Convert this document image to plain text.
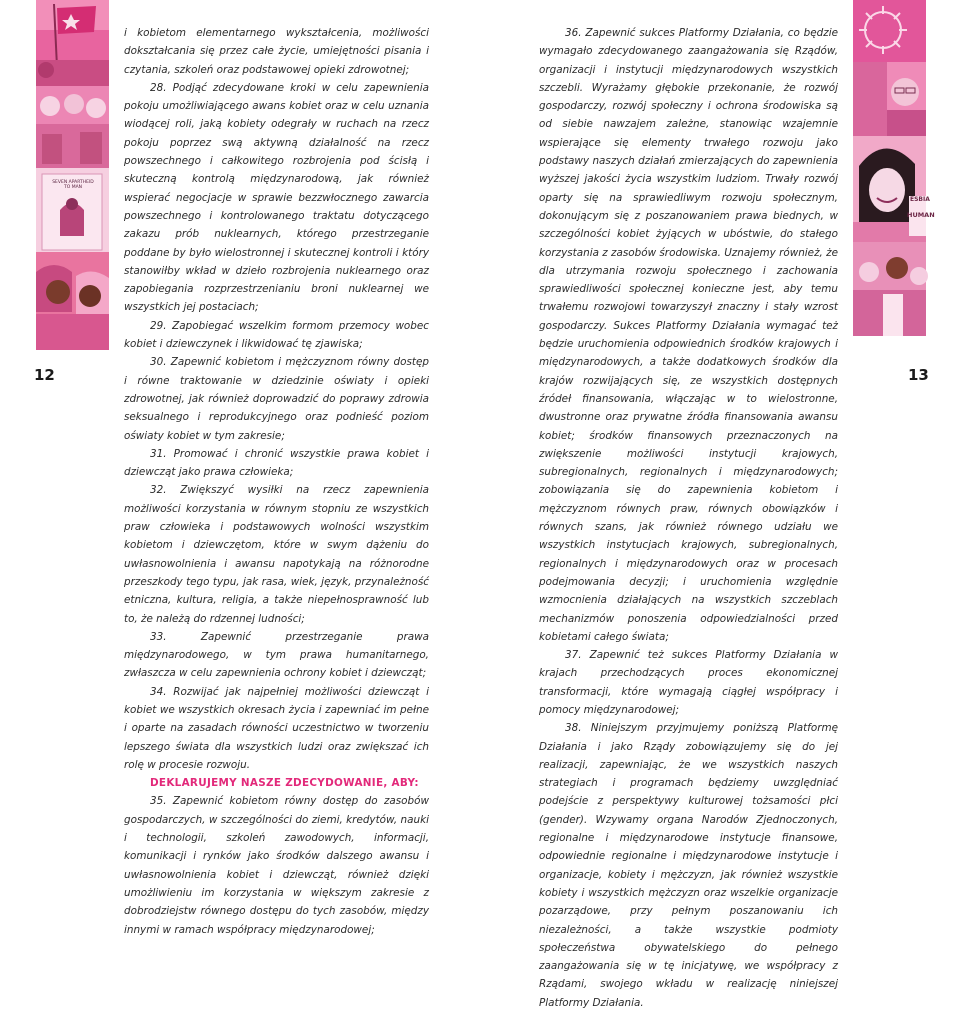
SEVEN APARTHEID TO MAN
ESBIA
HUMAN
12	13

i kobietom elementarnego wykształcenia, możliwości dokształcania się przez całe życie, umiejętności pisania i czytania, szkoleń oraz podstawowej opieki zdrowotnej;

28. Podjąć zdecydowane kroki w celu zapewnienia pokoju umożliwiającego awans kobiet oraz w celu uznania wiodącej roli, jaką kobiety odegrały w ruchach na rzecz pokoju poprzez swą aktywną działalność na rzecz powszechnego i całkowitego rozbrojenia pod ścisłą i skuteczną kontrolą międzynarodową, jak również wspierać negocjacje w sprawie bezzwłocznego zawarcia powszechnego i kontrolowanego traktatu dotyczącego zakazu prób nuklearnych, którego przestrzeganie poddane by było wielostronnej i skutecznej kontroli i który stanowiłby wkład w dzieło rozbrojenia nuklearnego oraz zapobiegania rozprzestrzenianiu broni nuklearnej we wszystkich jej postaciach;

29. Zapobiegać wszelkim formom przemocy wobec kobiet i dziewczynek i likwidować tę zjawiska;

30. Zapewnić kobietom i mężczyznom równy dostęp i równe traktowanie w dziedzinie oświaty i opieki zdrowotnej, jak również doprowadzić do poprawy zdrowia seksualnego i reprodukcyjnego oraz podnieść poziom oświaty kobiet w tym zakresie;

31. Promować i chronić wszystkie prawa kobiet i dziewcząt jako prawa człowieka;

32. Zwiększyć wysiłki na rzecz zapewnienia możliwości korzystania w równym stopniu ze wszystkich praw człowieka i podstawowych wolności wszystkim kobietom i dziewczętom, które w swym dążeniu do uwłasnowolnienia i awansu napotykają na różnorodne przeszkody tego typu, jak rasa, wiek, język, przynależność etniczna, kultura, religia, a także niepełnosprawność lub to, że należą do rdzennej ludności;

33. Zapewnić przestrzeganie prawa międzynarodowego, w tym prawa humanitarnego, zwłaszcza w celu zapewnienia ochrony kobiet i dziewcząt;

34. Rozwijać jak najpełniej możliwości dziewcząt i kobiet we wszystkich okresach życia i zapewniać im pełne i oparte na zasadach równości uczestnictwo w tworzeniu lepszego świata dla wszystkich ludzi oraz zwiększać ich rolę w procesie rozwoju.

DEKLARUJEMY NASZE ZDECYDOWANIE, ABY:

35. Zapewnić kobietom równy dostęp do zasobów gospodarczych, w szczególności do ziemi, kredytów, nauki i technologii, szkoleń zawodowych, informacji, komunikacji i rynków jako środków dalszego awansu i uwłasnowolnienia kobiet i dziewcząt, również dzięki umożliwieniu im korzystania w większym zakresie z dobrodziejstw równego dostępu do tych zasobów, między innymi w ramach współpracy międzynarodowej;

36. Zapewnić sukces Platformy Działania, co będzie wymagało zdecydowanego zaangażowania się Rządów, organizacji i instytucji międzynarodowych wszystkich szczebli. Wyrażamy głębokie przekonanie, że rozwój gospodarczy, rozwój społeczny i ochrona środowiska są od siebie nawzajem zależne, stanowiąc wzajemnie wspierające się elementy trwałego rozwoju jako podstawy naszych działań zmierzających do zapewnienia wyższej jakości życia wszystkim ludziom. Trwały rozwój oparty się na sprawiedliwym rozwoju społecznym, dokonującym się z poszanowaniem prawa biednych, w szczególności kobiet żyjących w ubóstwie, do stałego korzystania z zasobów środowiska. Uznajemy również, że dla utrzymania rozwoju społecznego i zachowania sprawiedliwości społecznej konieczne jest, aby temu trwałemu rozwojowi towarzyszył znaczny i stały wzrost gospodarczy. Sukces Platformy Działania wymagać też będzie uruchomienia odpowiednich środków krajowych i międzynarodowych, a także dodatkowych środków dla krajów rozwijających się, ze wszystkich dostępnych źródeł finansowania, włączając w to wielostronne, dwustronne oraz prywatne źródła finansowania awansu kobiet; środków finansowych przeznaczonych na zwiększenie możliwości instytucji krajowych, subregionalnych, regionalnych i międzynarodowych; zobowiązania się do zapewnienia kobietom i mężczyznom równych praw, równych obowiązków i równych szans, jak również równego udziału we wszystkich instytucjach krajowych, subregionalnych, regionalnych i międzynarodowych oraz w procesach podejmowania decyzji; i uruchomienia względnie wzmocnienia działających na wszystkich szczeblach mechanizmów ponoszenia odpowiedzialności przed kobietami całego świata;

37. Zapewnić też sukces Platformy Działania w krajach przechodzących proces ekonomicznej transformacji, które wymagają ciągłej współpracy i pomocy międzynarodowej;

38. Niniejszym przyjmujemy poniższą Platformę Działania i jako Rządy zobowiązujemy się do jej realizacji, zapewniając, że we wszystkich naszych strategiach i programach będziemy uwzględniać podejście z perspektywy kulturowej tożsamości płci (gender). Wzywamy organa Narodów Zjednoczonych, regionalne i międzynarodowe instytucje finansowe, odpowiednie regionalne i międzynarodowe instytucje i organizacje, kobiety i mężczyzn, jak również wszystkie kobiety i wszystkich mężczyzn oraz wszelkie organizacje pozarządowe, przy pełnym poszanowaniu ich niezależności, a także wszystkie podmioty społeczeństwa obywatelskiego do pełnego zaangażowania się w tę inicjatywę, we współpracy z Rządami, swojego wkładu w realizację niniejszej Platformy Działania.
